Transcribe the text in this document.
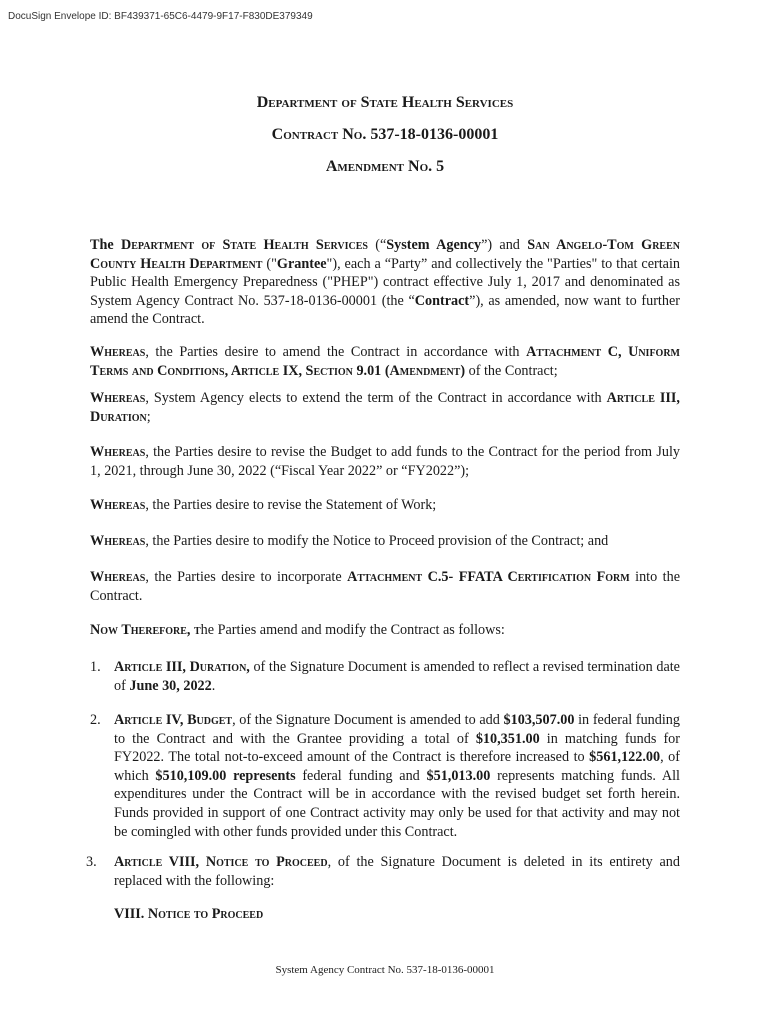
DocuSign Envelope ID: BF439371-65C6-4479-9F17-F830DE379349
Department of State Health Services
Contract No. 537-18-0136-00001
Amendment No. 5
The Department of State Health Services (“System Agency”) and San Angelo-Tom Green County Health Department ("Grantee"), each a “Party” and collectively the "Parties" to that certain Public Health Emergency Preparedness ("PHEP") contract effective July 1, 2017 and denominated as System Agency Contract No. 537-18-0136-00001 (the “Contract”), as amended, now want to further amend the Contract.
Whereas, the Parties desire to amend the Contract in accordance with Attachment C, Uniform Terms and Conditions, Article IX, Section 9.01 (Amendment) of the Contract;
Whereas, System Agency elects to extend the term of the Contract in accordance with Article III, Duration;
Whereas, the Parties desire to revise the Budget to add funds to the Contract for the period from July 1, 2021, through June 30, 2022 (“Fiscal Year 2022” or “FY2022”);
Whereas, the Parties desire to revise the Statement of Work;
Whereas, the Parties desire to modify the Notice to Proceed provision of the Contract; and
Whereas, the Parties desire to incorporate Attachment C.5- FFATA Certification Form into the Contract.
Now Therefore, the Parties amend and modify the Contract as follows:
1. Article III, Duration, of the Signature Document is amended to reflect a revised termination date of June 30, 2022.
2. Article IV, Budget, of the Signature Document is amended to add $103,507.00 in federal funding to the Contract and with the Grantee providing a total of $10,351.00 in matching funds for FY2022. The total not-to-exceed amount of the Contract is therefore increased to $561,122.00, of which $510,109.00 represents federal funding and $51,013.00 represents matching funds. All expenditures under the Contract will be in accordance with the revised budget set forth herein. Funds provided in support of one Contract activity may only be used for that activity and may not be comingled with other funds provided under this Contract.
3. Article VIII, Notice to Proceed, of the Signature Document is deleted in its entirety and replaced with the following:
VIII. Notice to Proceed
System Agency Contract No. 537-18-0136-00001
